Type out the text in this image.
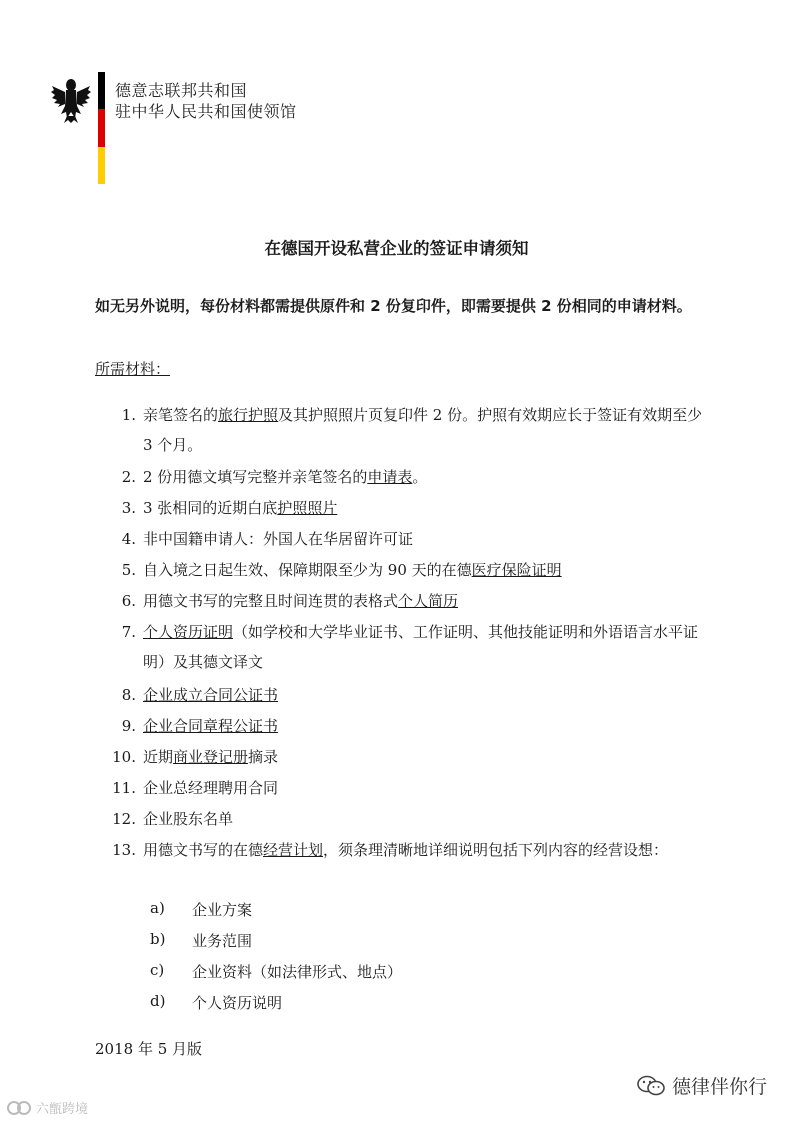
德意志联邦共和国
驻中华人民共和国使领馆
在德国开设私营企业的签证申请须知
如无另外说明，每份材料都需提供原件和 2 份复印件，即需要提供 2 份相同的申请材料。
所需材料：
1. 亲笔签名的旅行护照及其护照照片页复印件 2 份。护照有效期应长于签证有效期至少 3 个月。
2. 2 份用德文填写完整并亲笔签名的申请表。
3. 3 张相同的近期白底护照照片
4. 非中国籍申请人：外国人在华居留许可证
5. 自入境之日起生效、保障期限至少为 90 天的在德医疗保险证明
6. 用德文书写的完整且时间连贯的表格式个人简历
7. 个人资历证明（如学校和大学毕业证书、工作证明、其他技能证明和外语语言水平证明）及其德文译文
8. 企业成立合同公证书
9. 企业合同章程公证书
10. 近期商业登记册摘录
11. 企业总经理聘用合同
12. 企业股东名单
13. 用德文书写的在德经营计划，须条理清晰地详细说明包括下列内容的经营设想：
2018 年 5 月版
德律伴你行
六甑跨境
a)	企业方案
b)	业务范围
c)	企业资料（如法律形式、地点）
d)	个人资历说明
